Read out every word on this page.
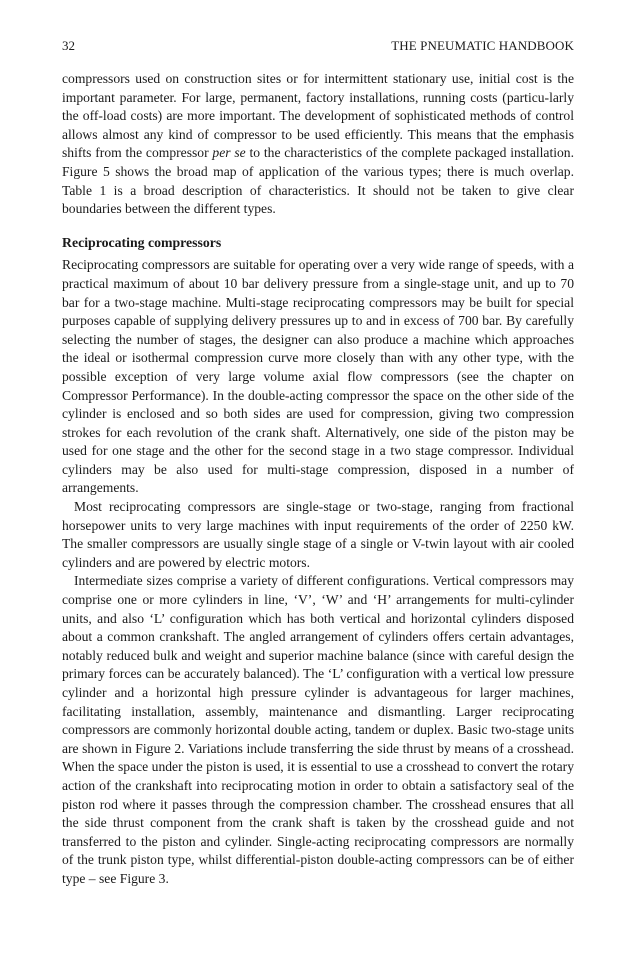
32	THE PNEUMATIC HANDBOOK

compressors used on construction sites or for intermittent stationary use, initial cost is the important parameter. For large, permanent, factory installations, running costs (particu-larly the off-load costs) are more important. The development of sophisticated methods of control allows almost any kind of compressor to be used efficiently. This means that the emphasis shifts from the compressor per se to the characteristics of the complete packaged installation. Figure 5 shows the broad map of application of the various types; there is much overlap. Table 1 is a broad description of characteristics. It should not be taken to give clear boundaries between the different types.

Reciprocating compressors

Reciprocating compressors are suitable for operating over a very wide range of speeds, with a practical maximum of about 10 bar delivery pressure from a single-stage unit, and up to 70 bar for a two-stage machine. Multi-stage reciprocating compressors may be built for special purposes capable of supplying delivery pressures up to and in excess of 700 bar. By carefully selecting the number of stages, the designer can also produce a machine which approaches the ideal or isothermal compression curve more closely than with any other type, with the possible exception of very large volume axial flow compressors (see the chapter on Compressor Performance). In the double-acting compressor the space on the other side of the cylinder is enclosed and so both sides are used for compression, giving two compression strokes for each revolution of the crank shaft. Alternatively, one side of the piston may be used for one stage and the other for the second stage in a two stage compressor. Individual cylinders may be also used for multi-stage compression, disposed in a number of arrangements.

Most reciprocating compressors are single-stage or two-stage, ranging from fractional horsepower units to very large machines with input requirements of the order of 2250 kW. The smaller compressors are usually single stage of a single or V-twin layout with air cooled cylinders and are powered by electric motors.

Intermediate sizes comprise a variety of different configurations. Vertical compressors may comprise one or more cylinders in line, ‘V’, ‘W’ and ‘H’ arrangements for multi-cylinder units, and also ‘L’ configuration which has both vertical and horizontal cylinders disposed about a common crankshaft. The angled arrangement of cylinders offers certain advantages, notably reduced bulk and weight and superior machine balance (since with careful design the primary forces can be accurately balanced). The ‘L’ configuration with a vertical low pressure cylinder and a horizontal high pressure cylinder is advantageous for larger machines, facilitating installation, assembly, maintenance and dismantling. Larger reciprocating compressors are commonly horizontal double acting, tandem or duplex. Basic two-stage units are shown in Figure 2. Variations include transferring the side thrust by means of a crosshead. When the space under the piston is used, it is essential to use a crosshead to convert the rotary action of the crankshaft into reciprocating motion in order to obtain a satisfactory seal of the piston rod where it passes through the compression chamber. The crosshead ensures that all the side thrust component from the crank shaft is taken by the crosshead guide and not transferred to the piston and cylinder. Single-acting reciprocating compressors are normally of the trunk piston type, whilst differential-piston double-acting compressors can be of either type – see Figure 3.
